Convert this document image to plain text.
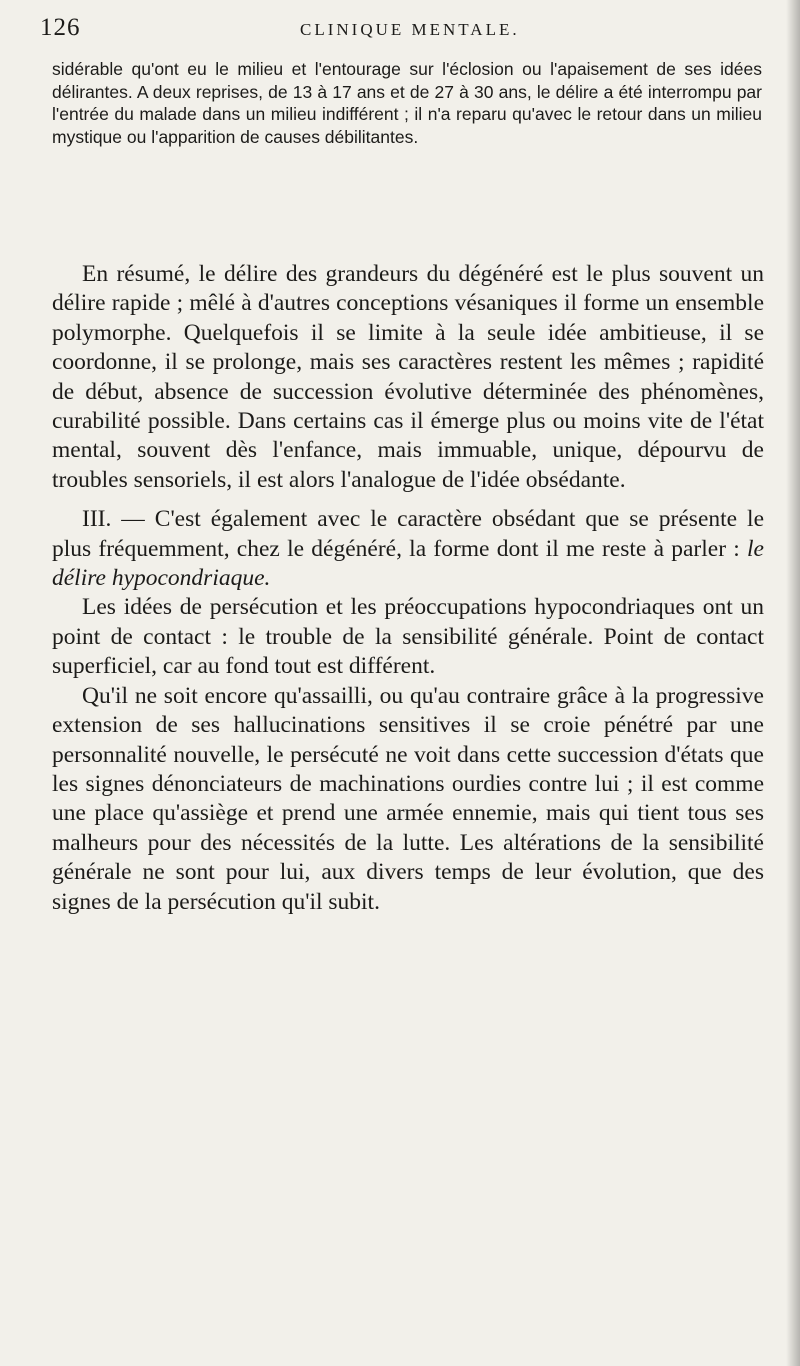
126	CLINIQUE MENTALE.
sidérable qu'ont eu le milieu et l'entourage sur l'éclosion ou l'apaisement de ses idées délirantes. A deux reprises, de 13 à 17 ans et de 27 à 30 ans, le délire a été interrompu par l'entrée du malade dans un milieu indifférent ; il n'a reparu qu'avec le retour dans un milieu mystique ou l'apparition de causes débilitantes.

En résumé, le délire des grandeurs du dégénéré est le plus souvent un délire rapide ; mêlé à d'autres conceptions vésaniques il forme un ensemble polymorphe. Quelquefois il se limite à la seule idée ambitieuse, il se coordonne, il se prolonge, mais ses caractères restent les mêmes ; rapidité de début, absence de succession évolutive déterminée des phénomènes, curabilité possible. Dans certains cas il émerge plus ou moins vite de l'état mental, souvent dès l'enfance, mais immuable, unique, dépourvu de troubles sensoriels, il est alors l'analogue de l'idée obsédante.

III. — C'est également avec le caractère obsédant que se présente le plus fréquemment, chez le dégénéré, la forme dont il me reste à parler : le délire hypocondriaque.

Les idées de persécution et les préoccupations hypocondriaques ont un point de contact : le trouble de la sensibilité générale. Point de contact superficiel, car au fond tout est différent.

Qu'il ne soit encore qu'assailli, ou qu'au contraire grâce à la progressive extension de ses hallucinations sensitives il se croie pénétré par une personnalité nouvelle, le persécuté ne voit dans cette succession d'états que les signes dénonciateurs de machinations ourdies contre lui ; il est comme une place qu'assiège et prend une armée ennemie, mais qui tient tous ses malheurs pour des nécessités de la lutte. Les altérations de la sensibilité générale ne sont pour lui, aux divers temps de leur évolution, que des signes de la persécution qu'il subit.
